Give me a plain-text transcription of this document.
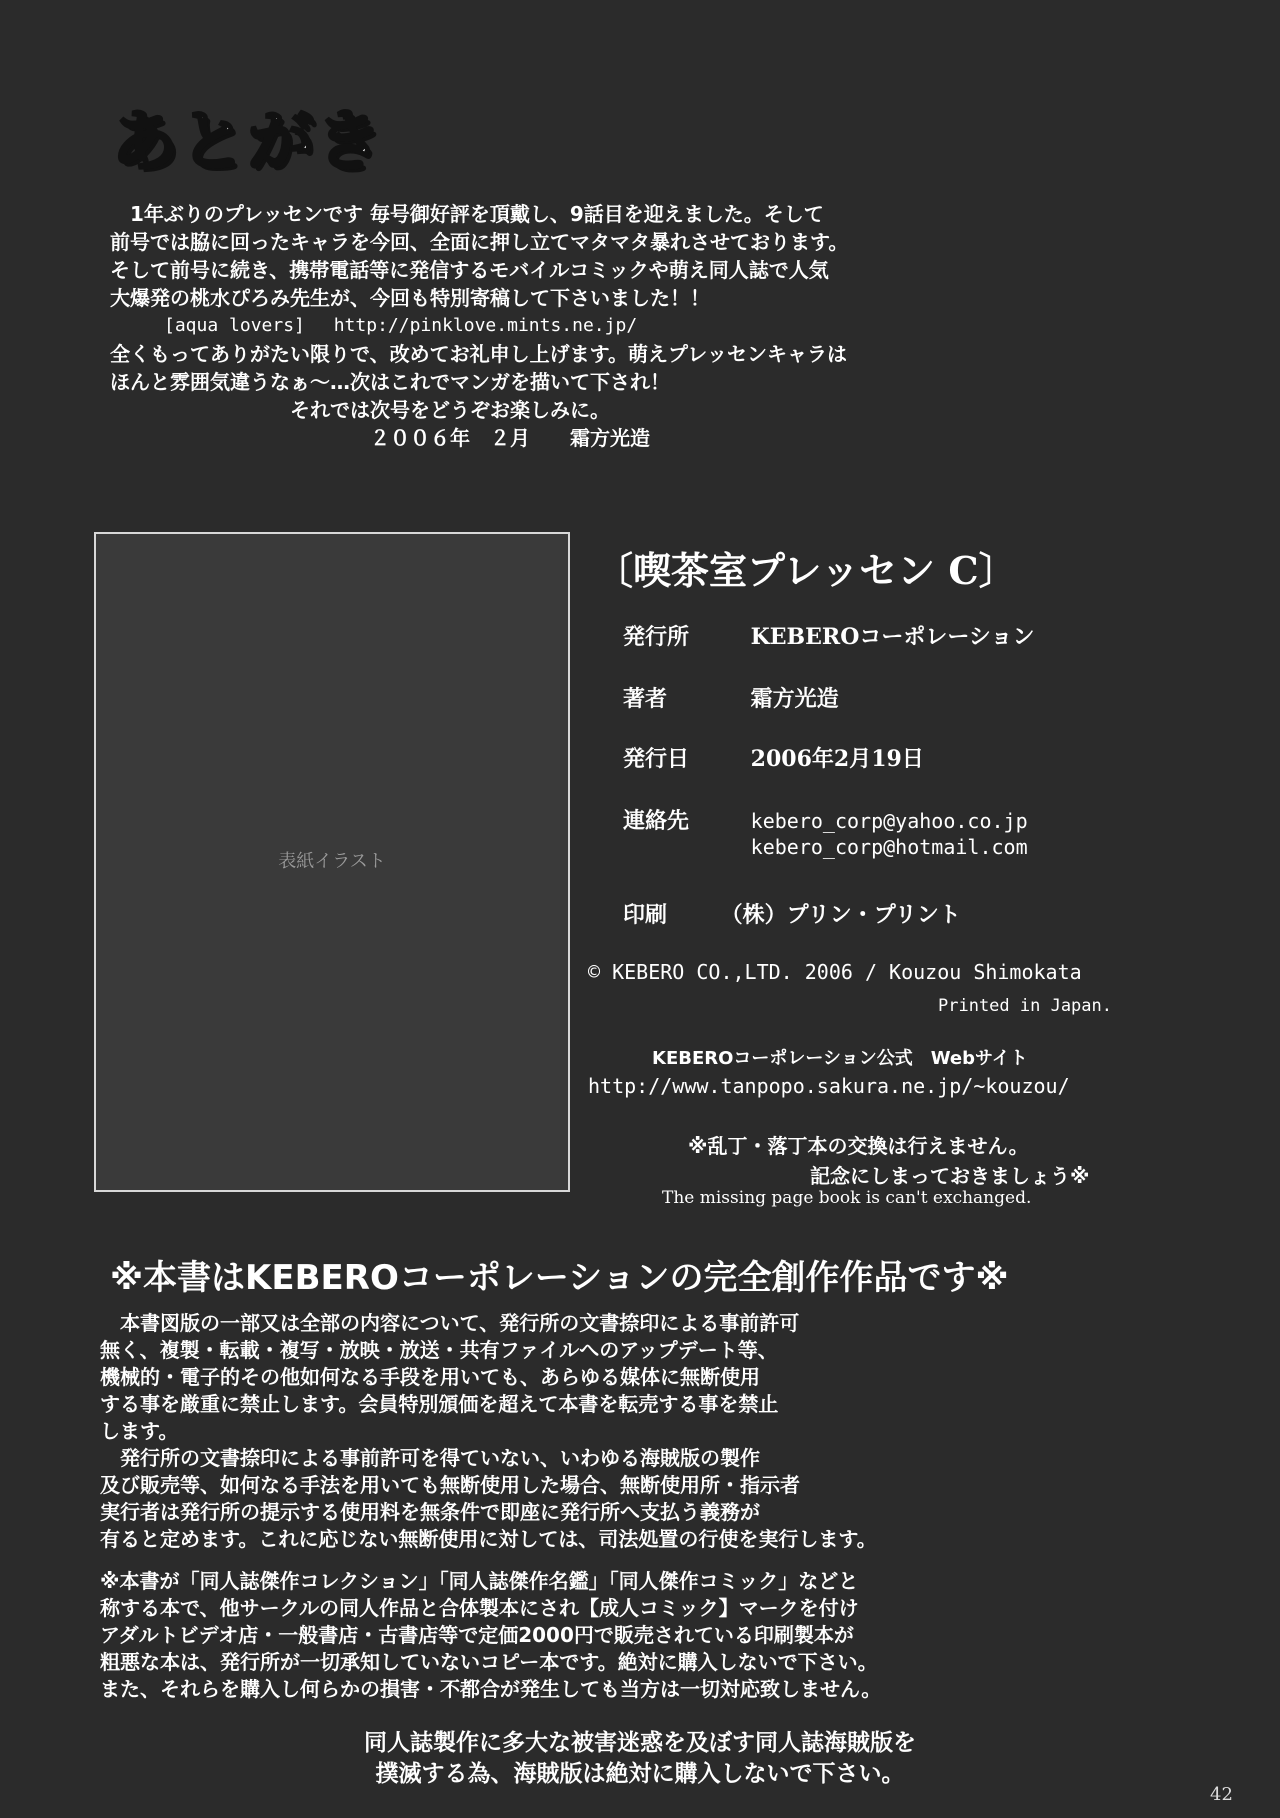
あとがき

　1年ぶりのプレッセンです 毎号御好評を頂戴し、9話目を迎えました。そして

前号では脇に回ったキャラを今回、全面に押し立てマタマタ暴れさせております。

そして前号に続き、携帯電話等に発信するモバイルコミックや萌え同人誌で人気

大爆発の桃水ぴろみ先生が、今回も特別寄稿して下さいました！！

　　　[aqua lovers]　 http://pinklove.mints.ne.jp/

全くもってありがたい限りで、改めてお礼申し上げます。萌えプレッセンキャラは

ほんと雰囲気違うなぁ～…次はこれでマンガを描いて下され！

　　　　　　　　　それでは次号をどうぞお楽しみに。

　　　　　　　　　　　　　２００６年　２月　　霜方光造

表紙イラスト
〔喫茶室プレッセン C〕
発行所	KEBEROコーポレーション
著者	霜方光造
発行日	2006年2月19日
連絡先	kebero_corp@yahoo.co.jp
kebero_corp@hotmail.com
印刷 （株）プリン・プリント
© KEBERO CO.,LTD. 2006 / Kouzou Shimokata
Printed in Japan.
KEBEROコーポレーション公式　Webサイト
http://www.tanpopo.sakura.ne.jp/~kouzou/
※乱丁・落丁本の交換は行えません。
記念にしまっておきましょう※
The missing page book is can't exchanged.
※本書はKEBEROコーポレーションの完全創作作品です※

　本書図版の一部又は全部の内容について、発行所の文書捺印による事前許可

無く、複製・転載・複写・放映・放送・共有ファイルへのアップデート等、

機械的・電子的その他如何なる手段を用いても、あらゆる媒体に無断使用

する事を厳重に禁止します。会員特別頒価を超えて本書を転売する事を禁止

します。

　発行所の文書捺印による事前許可を得ていない、いわゆる海賊版の製作

及び販売等、如何なる手法を用いても無断使用した場合、無断使用所・指示者

実行者は発行所の提示する使用料を無条件で即座に発行所へ支払う義務が

有ると定めます。これに応じない無断使用に対しては、司法処置の行使を実行します。

※本書が「同人誌傑作コレクション」「同人誌傑作名鑑」「同人傑作コミック」などと

称する本で、他サークルの同人作品と合体製本にされ【成人コミック】マークを付け

アダルトビデオ店・一般書店・古書店等で定価2000円で販売されている印刷製本が

粗悪な本は、発行所が一切承知していないコピー本です。絶対に購入しないで下さい。

また、それらを購入し何らかの損害・不都合が発生しても当方は一切対応致しません。

同人誌製作に多大な被害迷惑を及ぼす同人誌海賊版を

撲滅する為、海賊版は絶対に購入しないで下さい。

42
